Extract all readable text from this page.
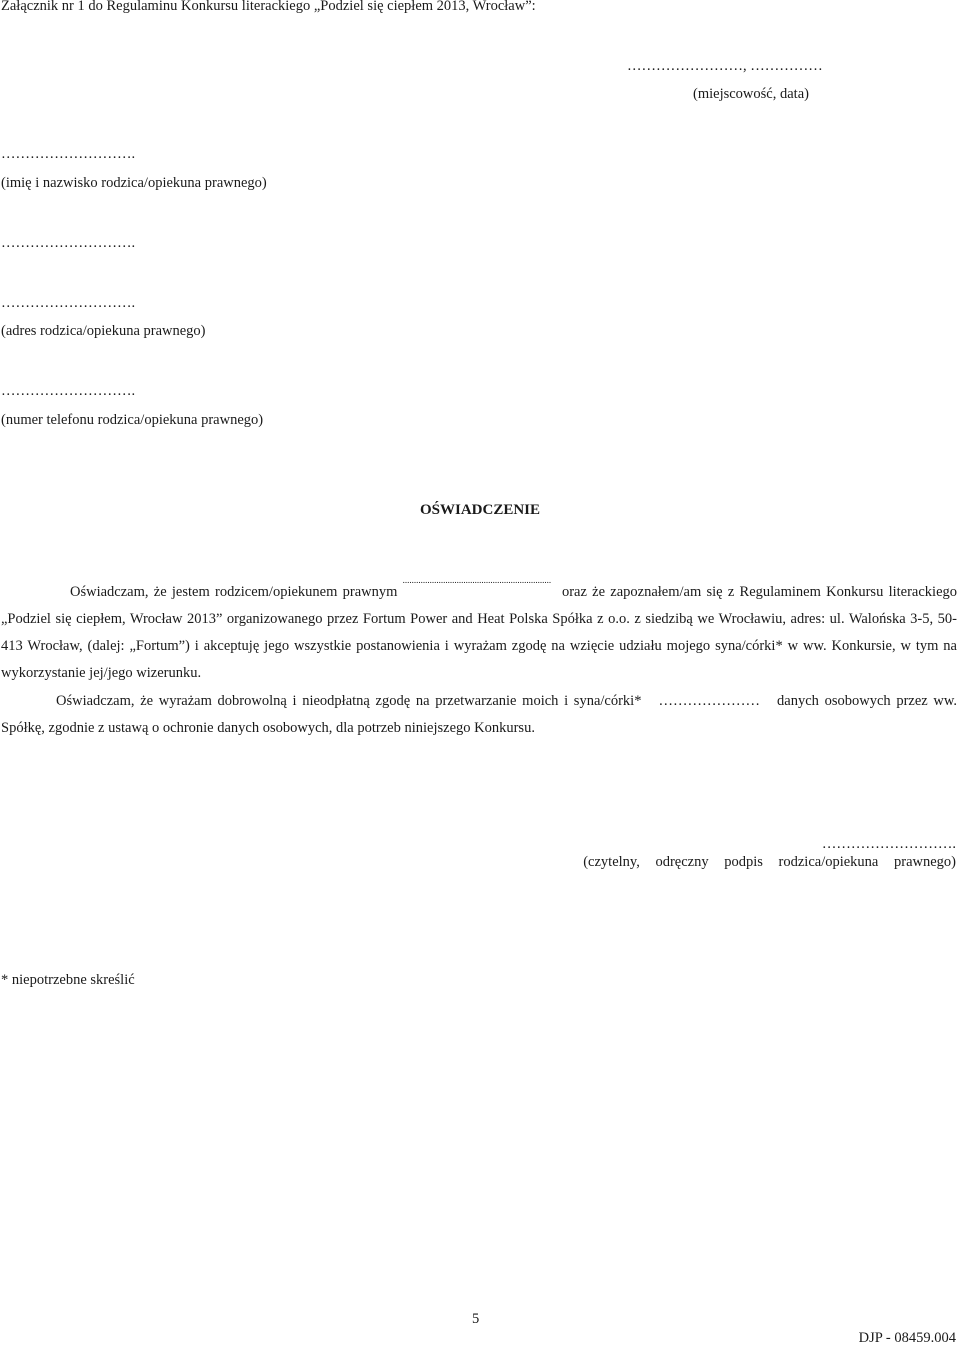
Załącznik nr 1 do Regulaminu Konkursu literackiego „Podziel się ciepłem 2013, Wrocław”:
……………………, ……………
(miejscowość, data)
……………………….
(imię i nazwisko rodzica/opiekuna prawnego)
……………………….
……………………….
(adres rodzica/opiekuna prawnego)
……………………….
(numer telefonu rodzica/opiekuna prawnego)
OŚWIADCZENIE

Oświadczam, że jestem rodzicem/opiekunem prawnym .................................................................. oraz że zapoznałem/am się z Regulaminem Konkursu literackiego „Podziel się ciepłem, Wrocław 2013” organizowanego przez Fortum Power and Heat Polska Spółka z o.o. z siedzibą we Wrocławiu, adres: ul. Walońska 3-5, 50-413 Wrocław, (dalej: „Fortum”) i akceptuję jego wszystkie postanowienia i wyrażam zgodę na wzięcie udziału mojego syna/córki* w ww. Konkursie, w tym na wykorzystanie jej/jego wizerunku.

Oświadczam, że wyrażam dobrowolną i nieodpłatną zgodę na przetwarzanie moich i syna/córki* ………………… danych osobowych przez ww. Spółkę, zgodnie z ustawą o ochronie danych osobowych, dla potrzeb niniejszego Konkursu.

……………………….
(czytelny, odręczny podpis rodzica/opiekuna prawnego)
* niepotrzebne skreślić
5
DJP - 08459.004
